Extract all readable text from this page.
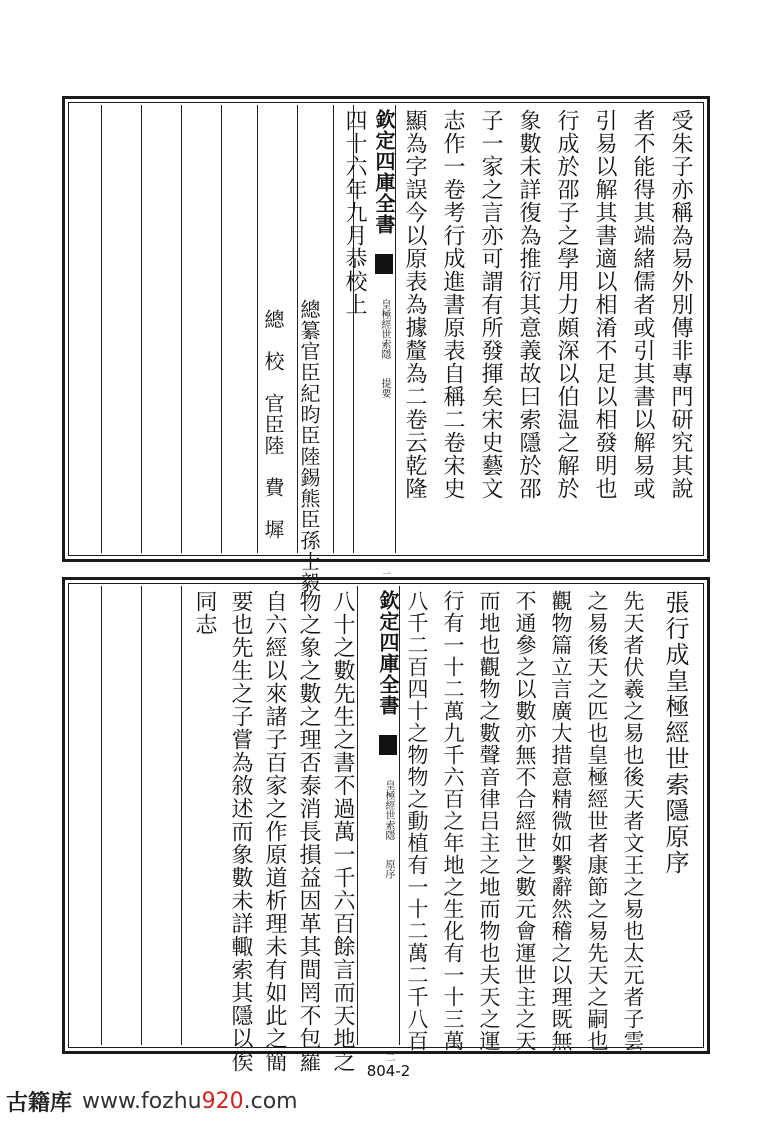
總　校　官臣陸　費　墀 總纂官臣紀昀臣陸錫熊臣孫士毅
欽定四庫全書  皇極經世索隱 提要 二
四十六年九月恭校上	顯為字誤今以原表為據釐為二卷云乾隆 志作一卷考行成進書原表自稱二卷宋史 子一家之言亦可謂有所發揮矣宋史藝文 象數未詳復為推衍其意義故曰索隱於邵 行成於邵子之學用力頗深以伯温之解於 引易以解其書適以相淆不足以相發明也 者不能得其端緒儒者或引其書以解易或 受朱子亦稱為易外別傳非專門研究其說
同志 要也先生之子嘗為敘述而象數未詳輙索其隱以俟 自六經以來諸子百家之作原道析理未有如此之簡 物之象之數之理否泰消長損益因革其間罔不包羅 八十之數先生之書不過萬一千六百餘言而天地之	欽定四庫全書  皇極經世索隱 原序 二
八千二百四十之物物之動植有一十二萬二千八百 行有一十二萬九千六百之年地之生化有一十三萬 而地也觀物之數聲音律吕主之地而物也夫天之運 不通參之以數亦無不合經世之數元會運世主之天 觀物篇立言廣大措意精微如繫辭然稽之以理既無 之易後天之匹也皇極經世者康節之易先天之嗣也 先天者伏羲之易也後天者文王之易也太元者子雲 張行成皇極經世索隱原序
804-2
古籍库 www.fozhu 920 .com
